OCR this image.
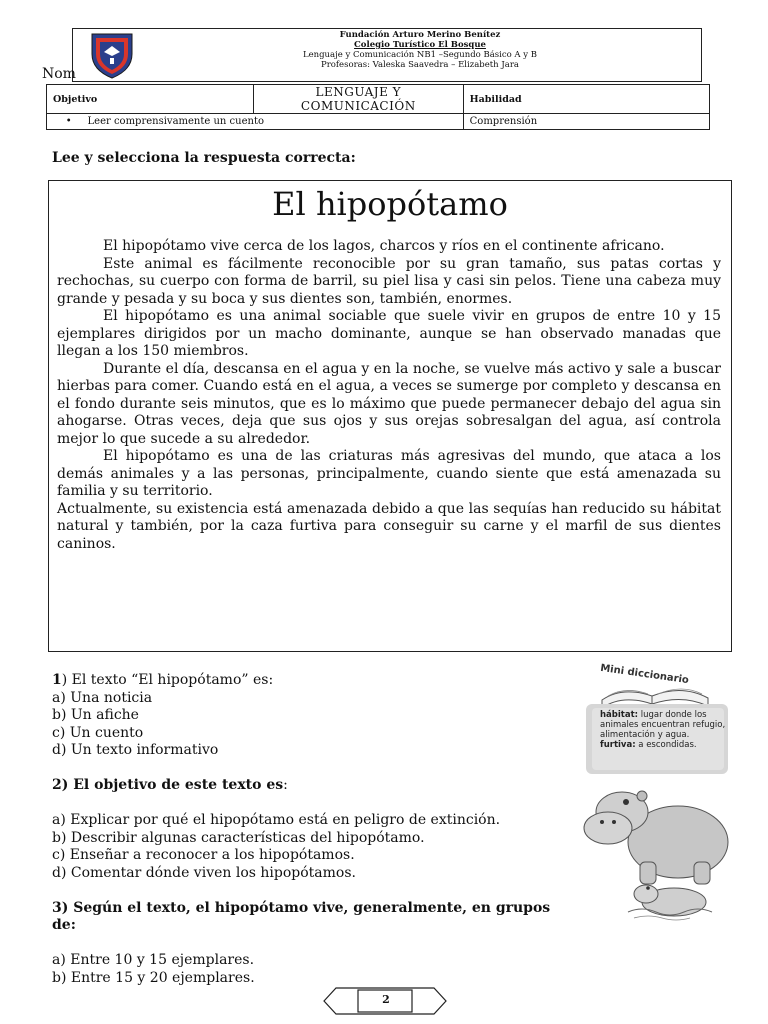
Fundación Arturo Merino Benítez
Colegio Turístico El Bosque
Lenguaje y Comunicación NB1 –Segundo Básico A y B
Profesoras: Valeska Saavedra – Elizabeth Jara
Nom
Objetivo	LENGUAJE Y COMUNICACIÓN	Habilidad
•     Leer comprensivamente un cuento		Comprensión
Lee y selecciona la respuesta correcta:
El hipopótamo

El hipopótamo vive cerca de los lagos, charcos y ríos en el continente africano.

Este animal es fácilmente reconocible por su gran tamaño, sus patas cortas y rechochas, su cuerpo con forma de barril, su piel lisa y casi sin pelos. Tiene una cabeza muy grande y pesada y su boca y sus dientes son, también, enormes.

El hipopótamo es una animal sociable que suele vivir en grupos de entre 10 y 15 ejemplares dirigidos por un macho dominante, aunque se han observado manadas que llegan a los 150 miembros.

Durante el día, descansa en el agua y en la noche, se vuelve más activo y sale a buscar hierbas para comer. Cuando está en el agua, a veces se sumerge por completo y descansa en el fondo durante seis minutos, que es lo máximo que puede permanecer debajo del agua sin ahogarse. Otras veces, deja que sus ojos y sus orejas sobresalgan del agua, así controla mejor lo que sucede a su alrededor.

El hipopótamo es una de las criaturas más agresivas del mundo, que ataca a los demás animales y a las personas, principalmente, cuando siente que está amenazada su familia y su territorio.

Actualmente, su existencia está amenazada debido a que las sequías han reducido su hábitat natural y también, por la caza furtiva para conseguir su carne y el marfil de sus dientes caninos.

1) El texto “El hipopótamo” es:

a) Una noticia

b) Un afiche

c) Un cuento

d) Un texto informativo

2) El objetivo de este texto es:

a) Explicar por qué el hipopótamo está en peligro de extinción.

b) Describir algunas características del hipopótamo.

c) Enseñar a reconocer a los hipopótamos.

d) Comentar dónde viven los hipopótamos.

3) Según el texto, el hipopótamo vive, generalmente, en grupos de:

a) Entre 10 y 15 ejemplares.

b) Entre 15 y 20 ejemplares.

Mini diccionario
hábitat: lugar donde los animales encuentran refugio, alimentación y agua.
furtiva: a escondidas.
2
